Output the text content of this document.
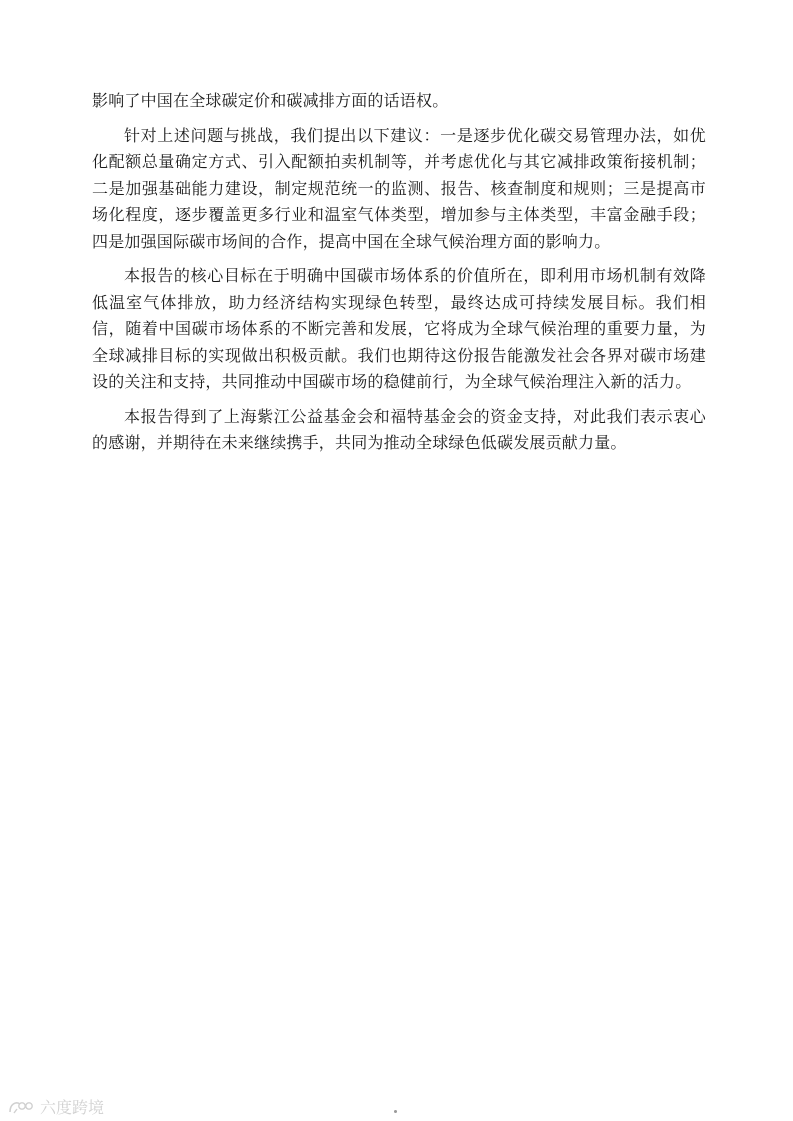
影响了中国在全球碳定价和碳减排方面的话语权。

针对上述问题与挑战，我们提出以下建议：一是逐步优化碳交易管理办法，如优化配额总量确定方式、引入配额拍卖机制等，并考虑优化与其它减排政策衔接机制；二是加强基础能力建设，制定规范统一的监测、报告、核查制度和规则；三是提高市场化程度，逐步覆盖更多行业和温室气体类型，增加参与主体类型，丰富金融手段；四是加强国际碳市场间的合作，提高中国在全球气候治理方面的影响力。

本报告的核心目标在于明确中国碳市场体系的价值所在，即利用市场机制有效降低温室气体排放，助力经济结构实现绿色转型，最终达成可持续发展目标。我们相信，随着中国碳市场体系的不断完善和发展，它将成为全球气候治理的重要力量，为全球减排目标的实现做出积极贡献。我们也期待这份报告能激发社会各界对碳市场建设的关注和支持，共同推动中国碳市场的稳健前行，为全球气候治理注入新的活力。

本报告得到了上海紫江公益基金会和福特基金会的资金支持，对此我们表示衷心的感谢，并期待在未来继续携手，共同为推动全球绿色低碳发展贡献力量。

六度跨境
